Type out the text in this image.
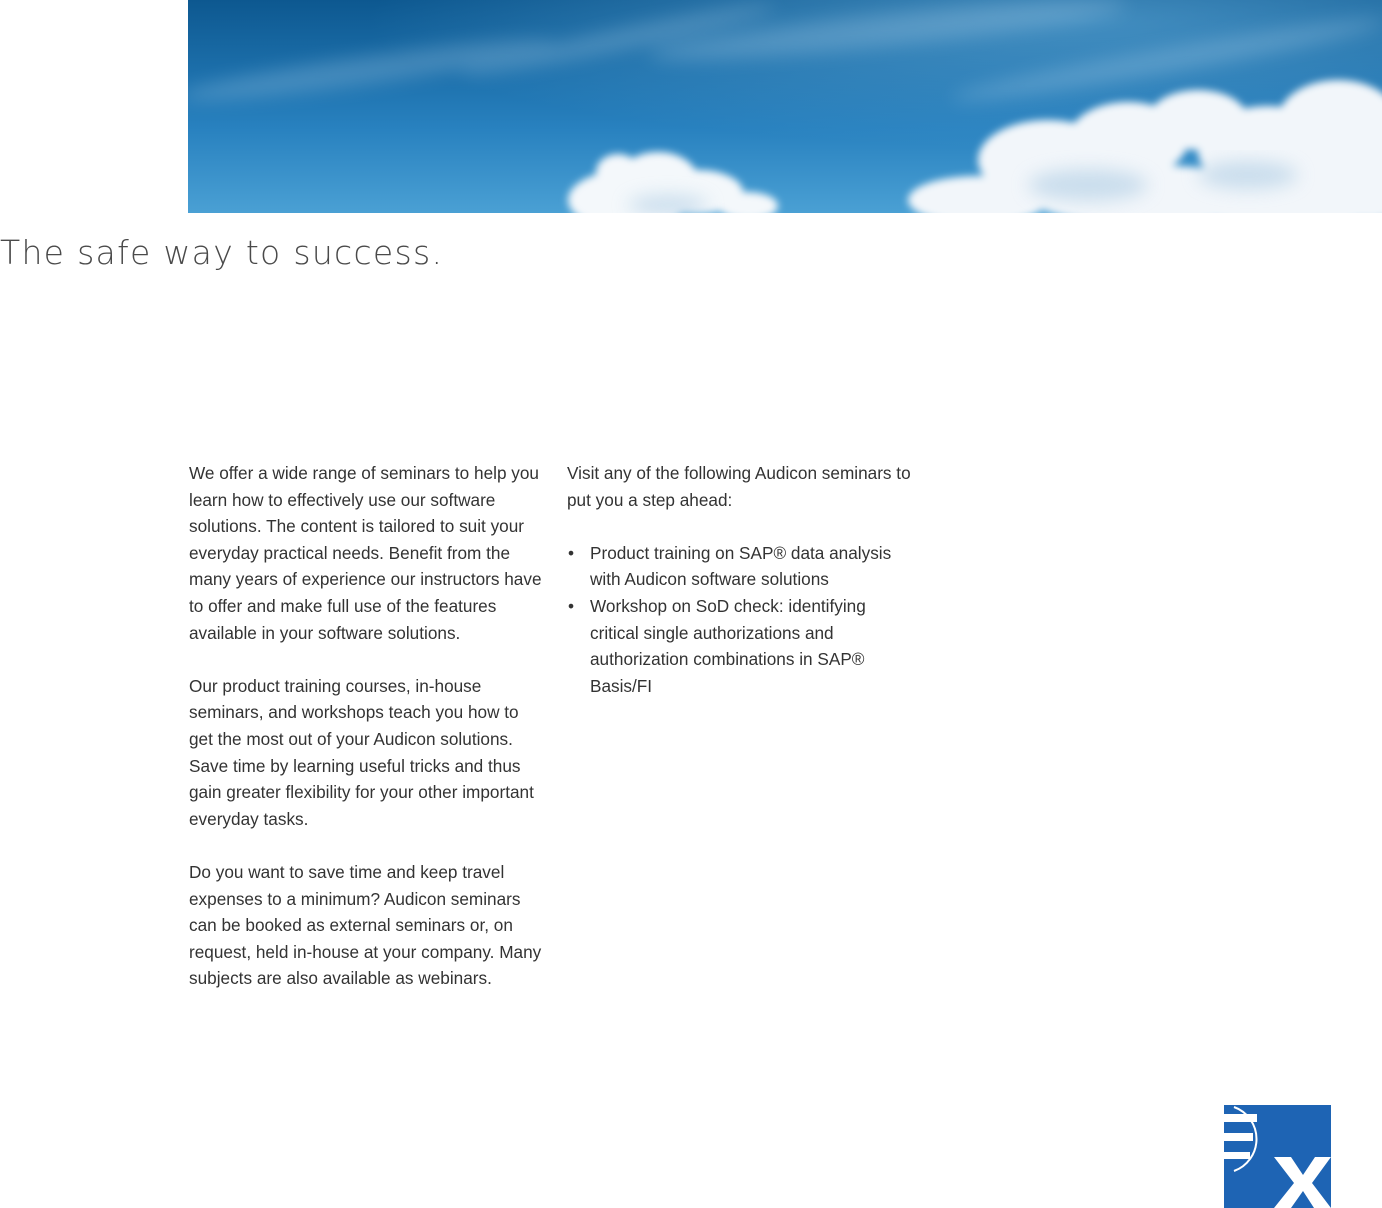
The safe way to success.

We offer a wide range of seminars to help you learn how to effectively use our software solutions. The content is tailored to suit your everyday practical needs. Benefit from the many years of experience our instructors have to offer and make full use of the features available in your software solutions.

Our product training courses, in-house seminars, and workshops teach you how to get the most out of your Audicon solutions. Save time by learning useful tricks and thus gain greater flexibility for your other important everyday tasks.

Do you want to save time and keep travel expenses to a minimum? Audicon seminars can be booked as external seminars or, on request, held in-house at your company. Many subjects are also available as webinars.

Visit any of the following Audicon seminars to put you a step ahead:

• Product training on SAP® data analysis with Audicon software solutions
• Workshop on SoD check: identifying critical single authorizations and authorization combinations in SAP® Basis/FI
